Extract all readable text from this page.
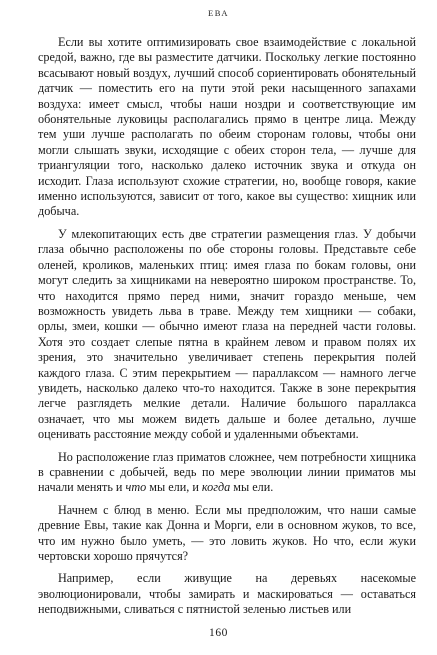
ЕВА

Если вы хотите оптимизировать свое взаимодействие с локальной средой, важно, где вы разместите датчики. Поскольку легкие постоянно всасывают новый воздух, лучший способ сориентировать обонятельный датчик — поместить его на пути этой реки насыщенного запахами воздуха: имеет смысл, чтобы наши ноздри и соответствующие им обонятельные луковицы располагались прямо в центре лица. Между тем уши лучше располагать по обеим сторонам головы, чтобы они могли слышать звуки, исходящие с обеих сторон тела, — лучше для триангуляции того, насколько далеко источник звука и откуда он исходит. Глаза используют схожие стратегии, но, вообще говоря, какие именно используются, зависит от того, какое вы существо: хищник или добыча.

У млекопитающих есть две стратегии размещения глаз. У добычи глаза обычно расположены по обе стороны головы. Представьте себе оленей, кроликов, маленьких птиц: имея глаза по бокам головы, они могут следить за хищниками на невероятно широком пространстве. То, что находится прямо перед ними, значит гораздо меньше, чем возможность увидеть льва в траве. Между тем хищники — собаки, орлы, змеи, кошки — обычно имеют глаза на передней части головы. Хотя это создает слепые пятна в крайнем левом и правом полях их зрения, это значительно увеличивает степень перекрытия полей каждого глаза. С этим перекрытием — параллаксом — намного легче увидеть, насколько далеко что-то находится. Также в зоне перекрытия легче разглядеть мелкие детали. Наличие большого параллакса означает, что мы можем видеть дальше и более детально, лучше оценивать расстояние между собой и удаленными объектами.

Но расположение глаз приматов сложнее, чем потребности хищника в сравнении с добычей, ведь по мере эволюции линии приматов мы начали менять и что мы ели, и когда мы ели.

Начнем с блюд в меню. Если мы предположим, что наши самые древние Евы, такие как Донна и Морги, ели в основном жуков, то все, что им нужно было уметь, — это ловить жуков. Но что, если жуки чертовски хорошо прячутся?

Например, если живущие на деревьях насекомые эволюционировали, чтобы замирать и маскироваться — оставаться неподвижными, сливаться с пятнистой зеленью листьев или

160
